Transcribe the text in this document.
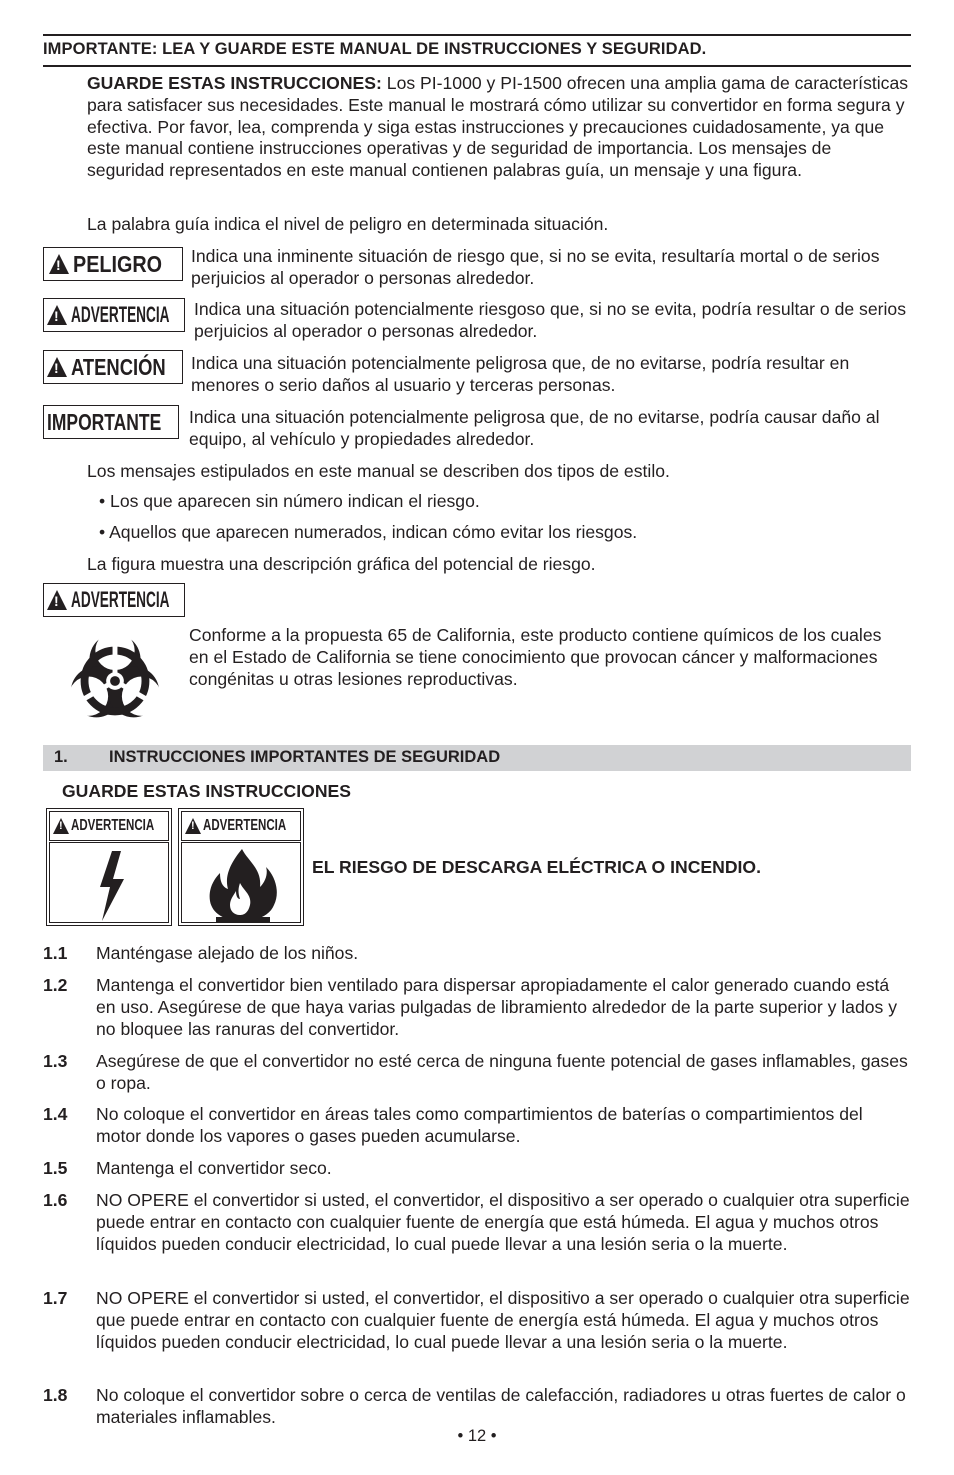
IMPORTANTE: LEA Y GUARDE ESTE MANUAL DE INSTRUCCIONES Y SEGURIDAD.
GUARDE ESTAS INSTRUCCIONES: Los PI-1000 y PI-1500 ofrecen una amplia gama de características para satisfacer sus necesidades. Este manual le mostrará cómo utilizar su convertidor en forma segura y efectiva. Por favor, lea, comprenda y siga estas instrucciones y precauciones cuidadosamente, ya que este manual contiene instrucciones operativas y de seguridad de importancia. Los mensajes de seguridad representados en este manual contienen palabras guía, un mensaje y una figura.
La palabra guía indica el nivel de peligro en determinada situación.
!
PELIGRO Indica una inminente situación de riesgo que, si no se evita, resultaría mortal o de serios perjuicios al operador o personas alrededor.
!
ADVERTENCIA Indica una situación potencialmente riesgoso que, si no se evita, podría resultar o de serios perjuicios al operador o personas alrededor.
!
ATENCIÓN Indica una situación potencialmente peligrosa que, de no evitarse, podría resultar en menores o serio daños al usuario y terceras personas.
IMPORTANTE Indica una situación potencialmente peligrosa que, de no evitarse, podría causar daño al equipo, al vehículo y propiedades alrededor.
Los mensajes estipulados en este manual se describen dos tipos de estilo.
• Los que aparecen sin número indican el riesgo.
• Aquellos que aparecen numerados, indican cómo evitar los riesgos.
La figura muestra una descripción gráfica del potencial de riesgo.
!
ADVERTENCIA
Conforme a la propuesta 65 de California, este producto contiene químicos de los cuales en el Estado de California se tiene conocimiento que provocan cáncer y malformaciones congénitas u otras lesiones reproductivas.
1. INSTRUCCIONES IMPORTANTES DE SEGURIDAD
GUARDE ESTAS INSTRUCCIONES
!
ADVERTENCIA
!	ADVERTENCIA
EL RIESGO DE DESCARGA ELÉCTRICA O INCENDIO.
1.1 Manténgase alejado de los niños.
1.2 Mantenga el convertidor bien ventilado para dispersar apropiadamente el calor generado cuando está en uso. Asegúrese de que haya varias pulgadas de libramiento alrededor de la parte superior y lados y no bloquee las ranuras del convertidor.
1.3 Asegúrese de que el convertidor no esté cerca de ninguna fuente potencial de gases inflamables, gases o ropa.
1.4 No coloque el convertidor en áreas tales como compartimientos de baterías o compartimientos del motor donde los vapores o gases pueden acumularse.
1.5 Mantenga el convertidor seco.
1.6 NO OPERE el convertidor si usted, el convertidor, el dispositivo a ser operado o cualquier otra superficie puede entrar en contacto con cualquier fuente de energía que está húmeda. El agua y muchos otros líquidos pueden conducir electricidad, lo cual puede llevar a una lesión seria o la muerte.
1.7 NO OPERE el convertidor si usted, el convertidor, el dispositivo a ser operado o cualquier otra superficie que puede entrar en contacto con cualquier fuente de energía está húmeda. El agua y muchos otros líquidos pueden conducir electricidad, lo cual puede llevar a una lesión seria o la muerte.
1.8 No coloque el convertidor sobre o cerca de ventilas de calefacción, radiadores u otras fuertes de calor o materiales inflamables.
• 12 •
